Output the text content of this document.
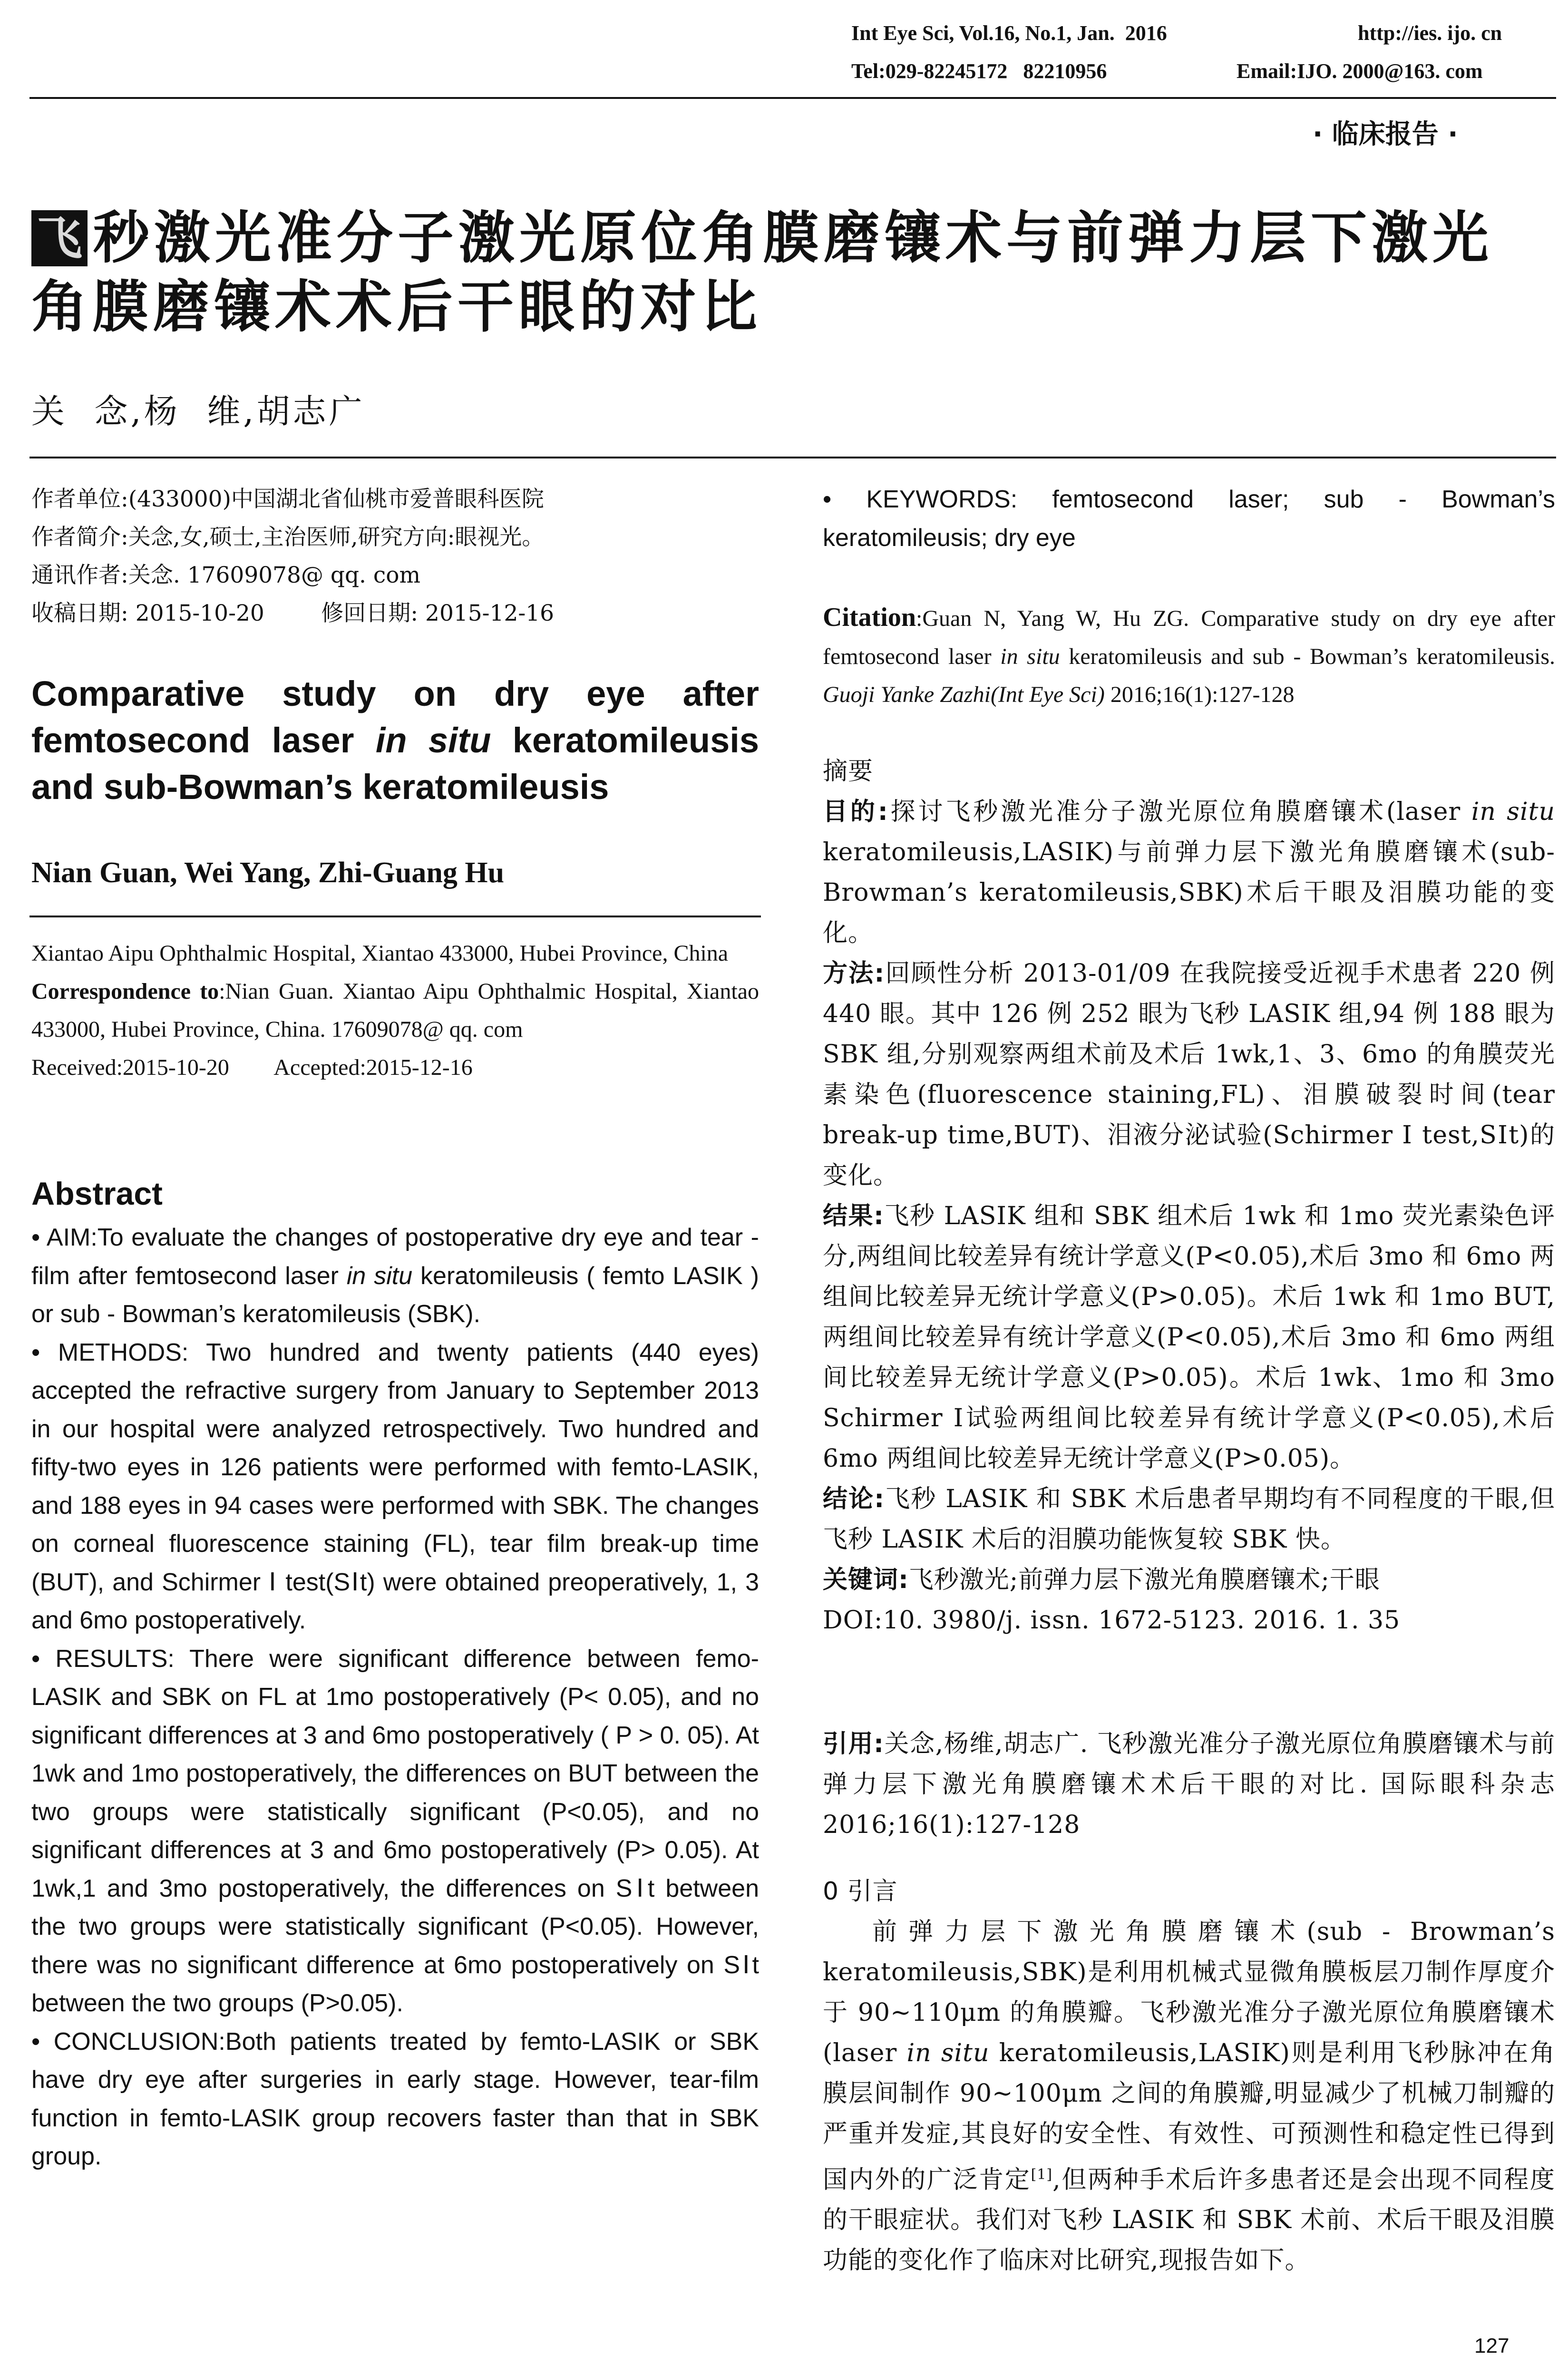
Int Eye Sci, Vol.16, No.1, Jan.  2016	http://ies. ijo. cn
Tel:029-82245172   82210956	Email:IJO. 2000@163. com
· 临床报告 ·
飞 秒激光准分子激光原位角膜磨镶术与前弹力层下激光
角膜磨镶术术后干眼的对比
关  念,杨  维,胡志广
作者单位:(433000)中国湖北省仙桃市爱普眼科医院
作者简介:关念,女,硕士,主治医师,研究方向:眼视光。
通讯作者:关念. 17609078@ qq. com
收稿日期: 2015-10-20        修回日期: 2015-12-16
Comparative study on dry eye after
femtosecond laser in situ keratomileusis
and sub-Bowman’s keratomileusis
Nian Guan, Wei Yang, Zhi-Guang Hu

Xiantao Aipu Ophthalmic Hospital, Xiantao 433000, Hubei Province, China

Correspondence to:Nian Guan. Xiantao Aipu Ophthalmic Hospital, Xiantao 433000, Hubei Province, China. 17609078@ qq. com

Received:2015-10-20        Accepted:2015-12-16

Abstract

• AIM:To evaluate the changes of postoperative dry eye and tear - film after femtosecond laser in situ keratomileusis ( femto LASIK ) or sub - Bowman’s keratomileusis (SBK).

• METHODS: Two hundred and twenty patients (440 eyes) accepted the refractive surgery from January to September 2013 in our hospital were analyzed retrospectively. Two hundred and fifty-two eyes in 126 patients were performed with femto-LASIK, and 188 eyes in 94 cases were performed with SBK. The changes on corneal fluorescence staining (FL), tear film break-up time (BUT), and Schirmer Ⅰ test(SⅠt) were obtained preoperatively, 1, 3 and 6mo postoperatively.

• RESULTS: There were significant difference between femo-LASIK and SBK on FL at 1mo postoperatively (P< 0.05), and no significant differences at 3 and 6mo postoperatively ( P > 0. 05). At 1wk and 1mo postoperatively, the differences on BUT between the two groups were statistically significant (P<0.05), and no significant differences at 3 and 6mo postoperatively (P> 0.05). At 1wk,1 and 3mo postoperatively, the differences on SⅠt between the two groups were statistically significant (P<0.05). However, there was no significant difference at 6mo postoperatively on SⅠt between the two groups (P>0.05).

• CONCLUSION:Both patients treated by femto-LASIK or SBK have dry eye after surgeries in early stage. However, tear-film function in femto-LASIK group recovers faster than that in SBK group.

• KEYWORDS: femtosecond laser; sub - Bowman’s keratomileusis; dry eye
Citation:Guan N, Yang W, Hu ZG. Comparative study on dry eye after femtosecond laser in situ keratomileusis and sub - Bowman’s keratomileusis. Guoji Yanke Zazhi(Int Eye Sci) 2016;16(1):127-128

摘要

目的:探讨飞秒激光准分子激光原位角膜磨镶术(laser in situ keratomileusis,LASIK)与前弹力层下激光角膜磨镶术(sub-Browman’s keratomileusis,SBK)术后干眼及泪膜功能的变化。

方法:回顾性分析 2013-01/09 在我院接受近视手术患者 220 例 440 眼。其中 126 例 252 眼为飞秒 LASIK 组,94 例 188 眼为 SBK 组,分别观察两组术前及术后 1wk,1、3、6mo 的角膜荧光素染色(fluorescence staining,FL)、泪膜破裂时间(tear break-up time,BUT)、泪液分泌试验(Schirmer Ⅰ test,SⅠt)的变化。

结果:飞秒 LASIK 组和 SBK 组术后 1wk 和 1mo 荧光素染色评分,两组间比较差异有统计学意义(P<0.05),术后 3mo 和 6mo 两组间比较差异无统计学意义(P>0.05)。术后 1wk 和 1mo BUT,两组间比较差异有统计学意义(P<0.05),术后 3mo 和 6mo 两组间比较差异无统计学意义(P>0.05)。术后 1wk、1mo 和 3mo Schirmer Ⅰ试验两组间比较差异有统计学意义(P<0.05),术后 6mo 两组间比较差异无统计学意义(P>0.05)。

结论:飞秒 LASIK 和 SBK 术后患者早期均有不同程度的干眼,但飞秒 LASIK 术后的泪膜功能恢复较 SBK 快。

关键词:飞秒激光;前弹力层下激光角膜磨镶术;干眼

DOI:10. 3980/j. issn. 1672-5123. 2016. 1. 35

引用:关念,杨维,胡志广. 飞秒激光准分子激光原位角膜磨镶术与前弹力层下激光角膜磨镶术术后干眼的对比. 国际眼科杂志 2016;16(1):127-128

0 引言

前弹力层下激光角膜磨镶术(sub - Browman’s keratomileusis,SBK)是利用机械式显微角膜板层刀制作厚度介于 90~110μm 的角膜瓣。飞秒激光准分子激光原位角膜磨镶术(laser in situ keratomileusis,LASIK)则是利用飞秒脉冲在角膜层间制作 90~100μm 之间的角膜瓣,明显减少了机械刀制瓣的严重并发症,其良好的安全性、有效性、可预测性和稳定性已得到国内外的广泛肯定[1],但两种手术后许多患者还是会出现不同程度的干眼症状。我们对飞秒 LASIK 和 SBK 术前、术后干眼及泪膜功能的变化作了临床对比研究,现报告如下。

127
